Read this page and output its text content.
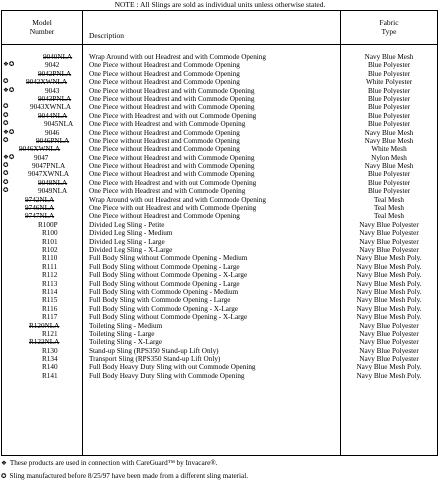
NOTE : All Slings are sold as individual units unless otherwise stated.
Model
Number	Description
Fabric
Type
9040NLA Wrap Around with out Headrest and with Commode Opening	Navy Blue Mesh
❖✪	9042	One Piece without Headrest and Commode Opening	Blue Polyester
9042PNLA One Piece without Headrest and Commode Opening	Blue Polyester
✪	9042XWNLA	One Piece without Headrest and Commode Opening	White Polyester
❖✪	9043	One Piece without Headrest and with Commode Opening	Blue Polyester
9043PNLA One Piece without Headrest and with Commode Opening	Blue Polyester
✪	9043XWNLA One Piece without Headrest and with Commode Opening	Blue Polyester
✪	9044NLA	One Piece with Headrest and with out Commode Opening	Blue Polyester
✪	9045NLA One Piece with Headrest and with Commode Opening	Blue Polyester
❖✪	9046	One Piece without Headrest and Commode Opening	Navy Blue Mesh
✪	9046PNLA	One Piece without Headrest and Commode Opening	Navy Blue Mesh
9046XWNLA	One Piece without Headrest and Commode Opening	White Mesh
❖✪	9047	One Piece without Headrest and with Commode Opening	Nylon Mesh
✪	9047PNLA	One Piece without Headrest and with Commode Opening	Navy Blue Mesh
✪	9047XWNLA	One Piece without Headrest and with Commode Opening	Blue Polyester
✪	9048NLA	One Piece with Headrest and with out Commode Opening	Blue Polyester
✪	9049NLA	One Piece with Headrest and with Commode Opening	Blue Polyester
9742NLA	Wrap Around with out Headrest and with Commode Opening	Teal Mesh
9746NLA	One Piece with out Headrest and with Commode Opening	Teal Mesh
9747NLA	One Piece without Headrest and Commode Opening	Teal Mesh
R100P	Divided Leg Sling - Petite	Navy Blue Polyester
R100	Divided Leg Sling - Medium	Navy Blue Polyester
R101	Divided Leg Sling - Large	Navy Blue Polyester
R102	Divided Leg Sling - X-Large	Navy Blue Polyester
R110	Full Body Sling without Commode Opening - Medium	Navy Blue Mesh Poly.
R111	Full Body Sling without Commode Opening - Large	Navy Blue Mesh Poly.
R112	Full Body Sling without Commode Opening - X-Large	Navy Blue Mesh Poly.
R113	Full Body Sling without Commode Opening - Large	Navy Blue Mesh Poly.
R114	Full Body Sling with Commode Opening - Medium	Navy Blue Mesh Poly.
R115	Full Body Sling with Commode Opening - Large	Navy Blue Mesh Poly.
R116	Full Body Sling with Commode Opening - X-Large	Navy Blue Mesh Poly.
R117	Full Body Sling without Commode Opening - X-Large	Navy Blue Mesh Poly.
R120NLA	Toileting Sling - Medium	Navy Blue Polyester
R121	Toileting Sling - Large	Navy Blue Polyester
R122NLA	Toileting Sling - X-Large	Navy Blue Polyester
R130	Stand-up Sling (RPS350 Stand-up Lift Only)	Navy Blue Polyester
R134	Transport Sling (RPS350 Stand-up Lift Only)	Navy Blue Polyester
R140	Full Body Heavy Duty Sling with out Commode Opening	Navy Blue Mesh Poly.
R141	Full Body Heavy Duty Sling with Commode Opening	Navy Blue Mesh Poly.
❖ These products are used in connection with CareGuard™ by Invacare®.
✪ Sling manufactured before 8/25/97 have been made from a different sling material.
